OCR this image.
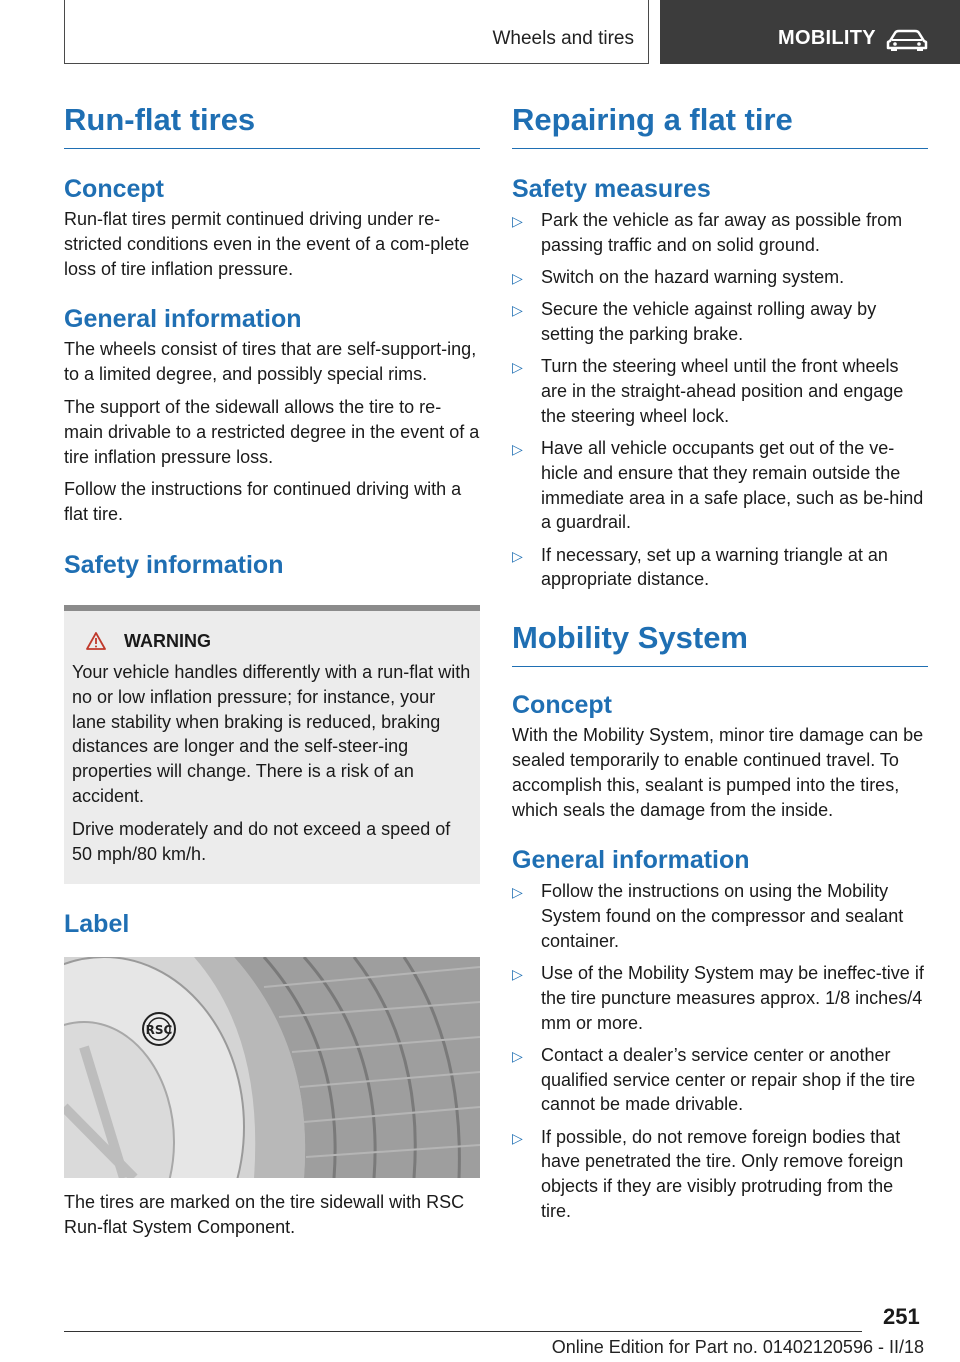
Wheels and tires	MOBILITY
Run-flat tires
Concept

Run-flat tires permit continued driving under re‐stricted conditions even in the event of a com‐plete loss of tire inflation pressure.

General information

The wheels consist of tires that are self-support‐ing, to a limited degree, and possibly special rims.

The support of the sidewall allows the tire to re‐main drivable to a restricted degree in the event of a tire inflation pressure loss.

Follow the instructions for continued driving with a flat tire.

Safety information
WARNING

Your vehicle handles differently with a run-flat with no or low inflation pressure; for instance, your lane stability when braking is reduced, braking distances are longer and the self-steer‐ing properties will change. There is a risk of an accident.

Drive moderately and do not exceed a speed of 50 mph/80 km/h.

Label
RSC

The tires are marked on the tire sidewall with RSC Run-flat System Component.

Repairing a flat tire
Safety measures
▷ Park the vehicle as far away as possible from passing traffic and on solid ground.
▷ Switch on the hazard warning system.
▷ Secure the vehicle against rolling away by setting the parking brake.
▷ Turn the steering wheel until the front wheels are in the straight-ahead position and engage the steering wheel lock.
▷ Have all vehicle occupants get out of the ve‐hicle and ensure that they remain outside the immediate area in a safe place, such as be‐hind a guardrail.
▷ If necessary, set up a warning triangle at an appropriate distance.
Mobility System
Concept

With the Mobility System, minor tire damage can be sealed temporarily to enable continued travel. To accomplish this, sealant is pumped into the tires, which seals the damage from the inside.

General information
▷ Follow the instructions on using the Mobility System found on the compressor and sealant container.
▷ Use of the Mobility System may be ineffec‐tive if the tire puncture measures approx. 1/8 inches/4 mm or more.
▷ Contact a dealer’s service center or another qualified service center or repair shop if the tire cannot be made drivable.
▷ If possible, do not remove foreign bodies that have penetrated the tire. Only remove foreign objects if they are visibly protruding from the tire.
251
Online Edition for Part no. 01402120596 - II/18
